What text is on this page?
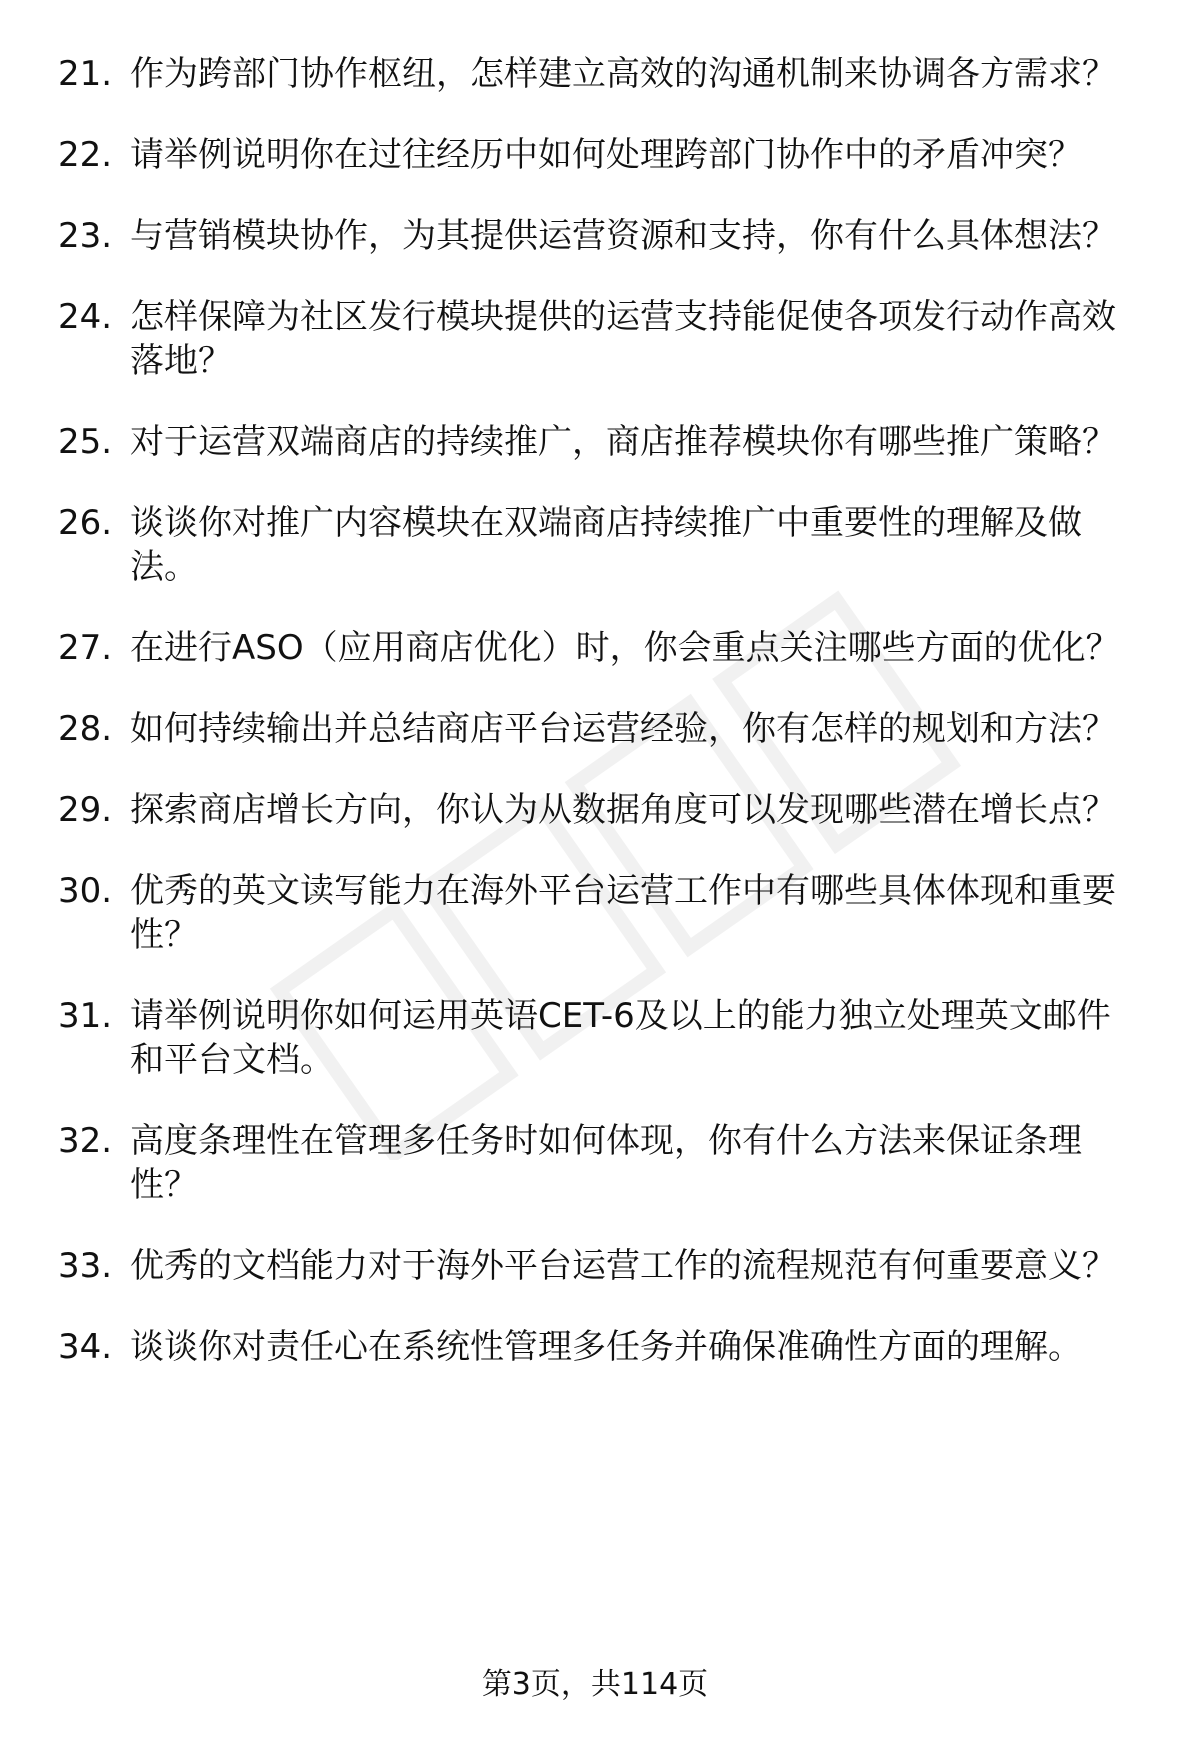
21. 作为跨部门协作枢纽，怎样建立高效的沟通机制来协调各方需求？
22. 请举例说明你在过往经历中如何处理跨部门协作中的矛盾冲突？
23. 与营销模块协作，为其提供运营资源和支持，你有什么具体想法？
24. 怎样保障为社区发行模块提供的运营支持能促使各项发行动作高效落地？
25. 对于运营双端商店的持续推广，商店推荐模块你有哪些推广策略？
26. 谈谈你对推广内容模块在双端商店持续推广中重要性的理解及做法。
27. 在进行ASO（应用商店优化）时，你会重点关注哪些方面的优化？
28. 如何持续输出并总结商店平台运营经验，你有怎样的规划和方法？
29. 探索商店增长方向，你认为从数据角度可以发现哪些潜在增长点？
30. 优秀的英文读写能力在海外平台运营工作中有哪些具体体现和重要性？
31. 请举例说明你如何运用英语CET-6及以上的能力独立处理英文邮件和平台文档。
32. 高度条理性在管理多任务时如何体现，你有什么方法来保证条理性？
33. 优秀的文档能力对于海外平台运营工作的流程规范有何重要意义？
34. 谈谈你对责任心在系统性管理多任务并确保准确性方面的理解。
第3页，共114页
